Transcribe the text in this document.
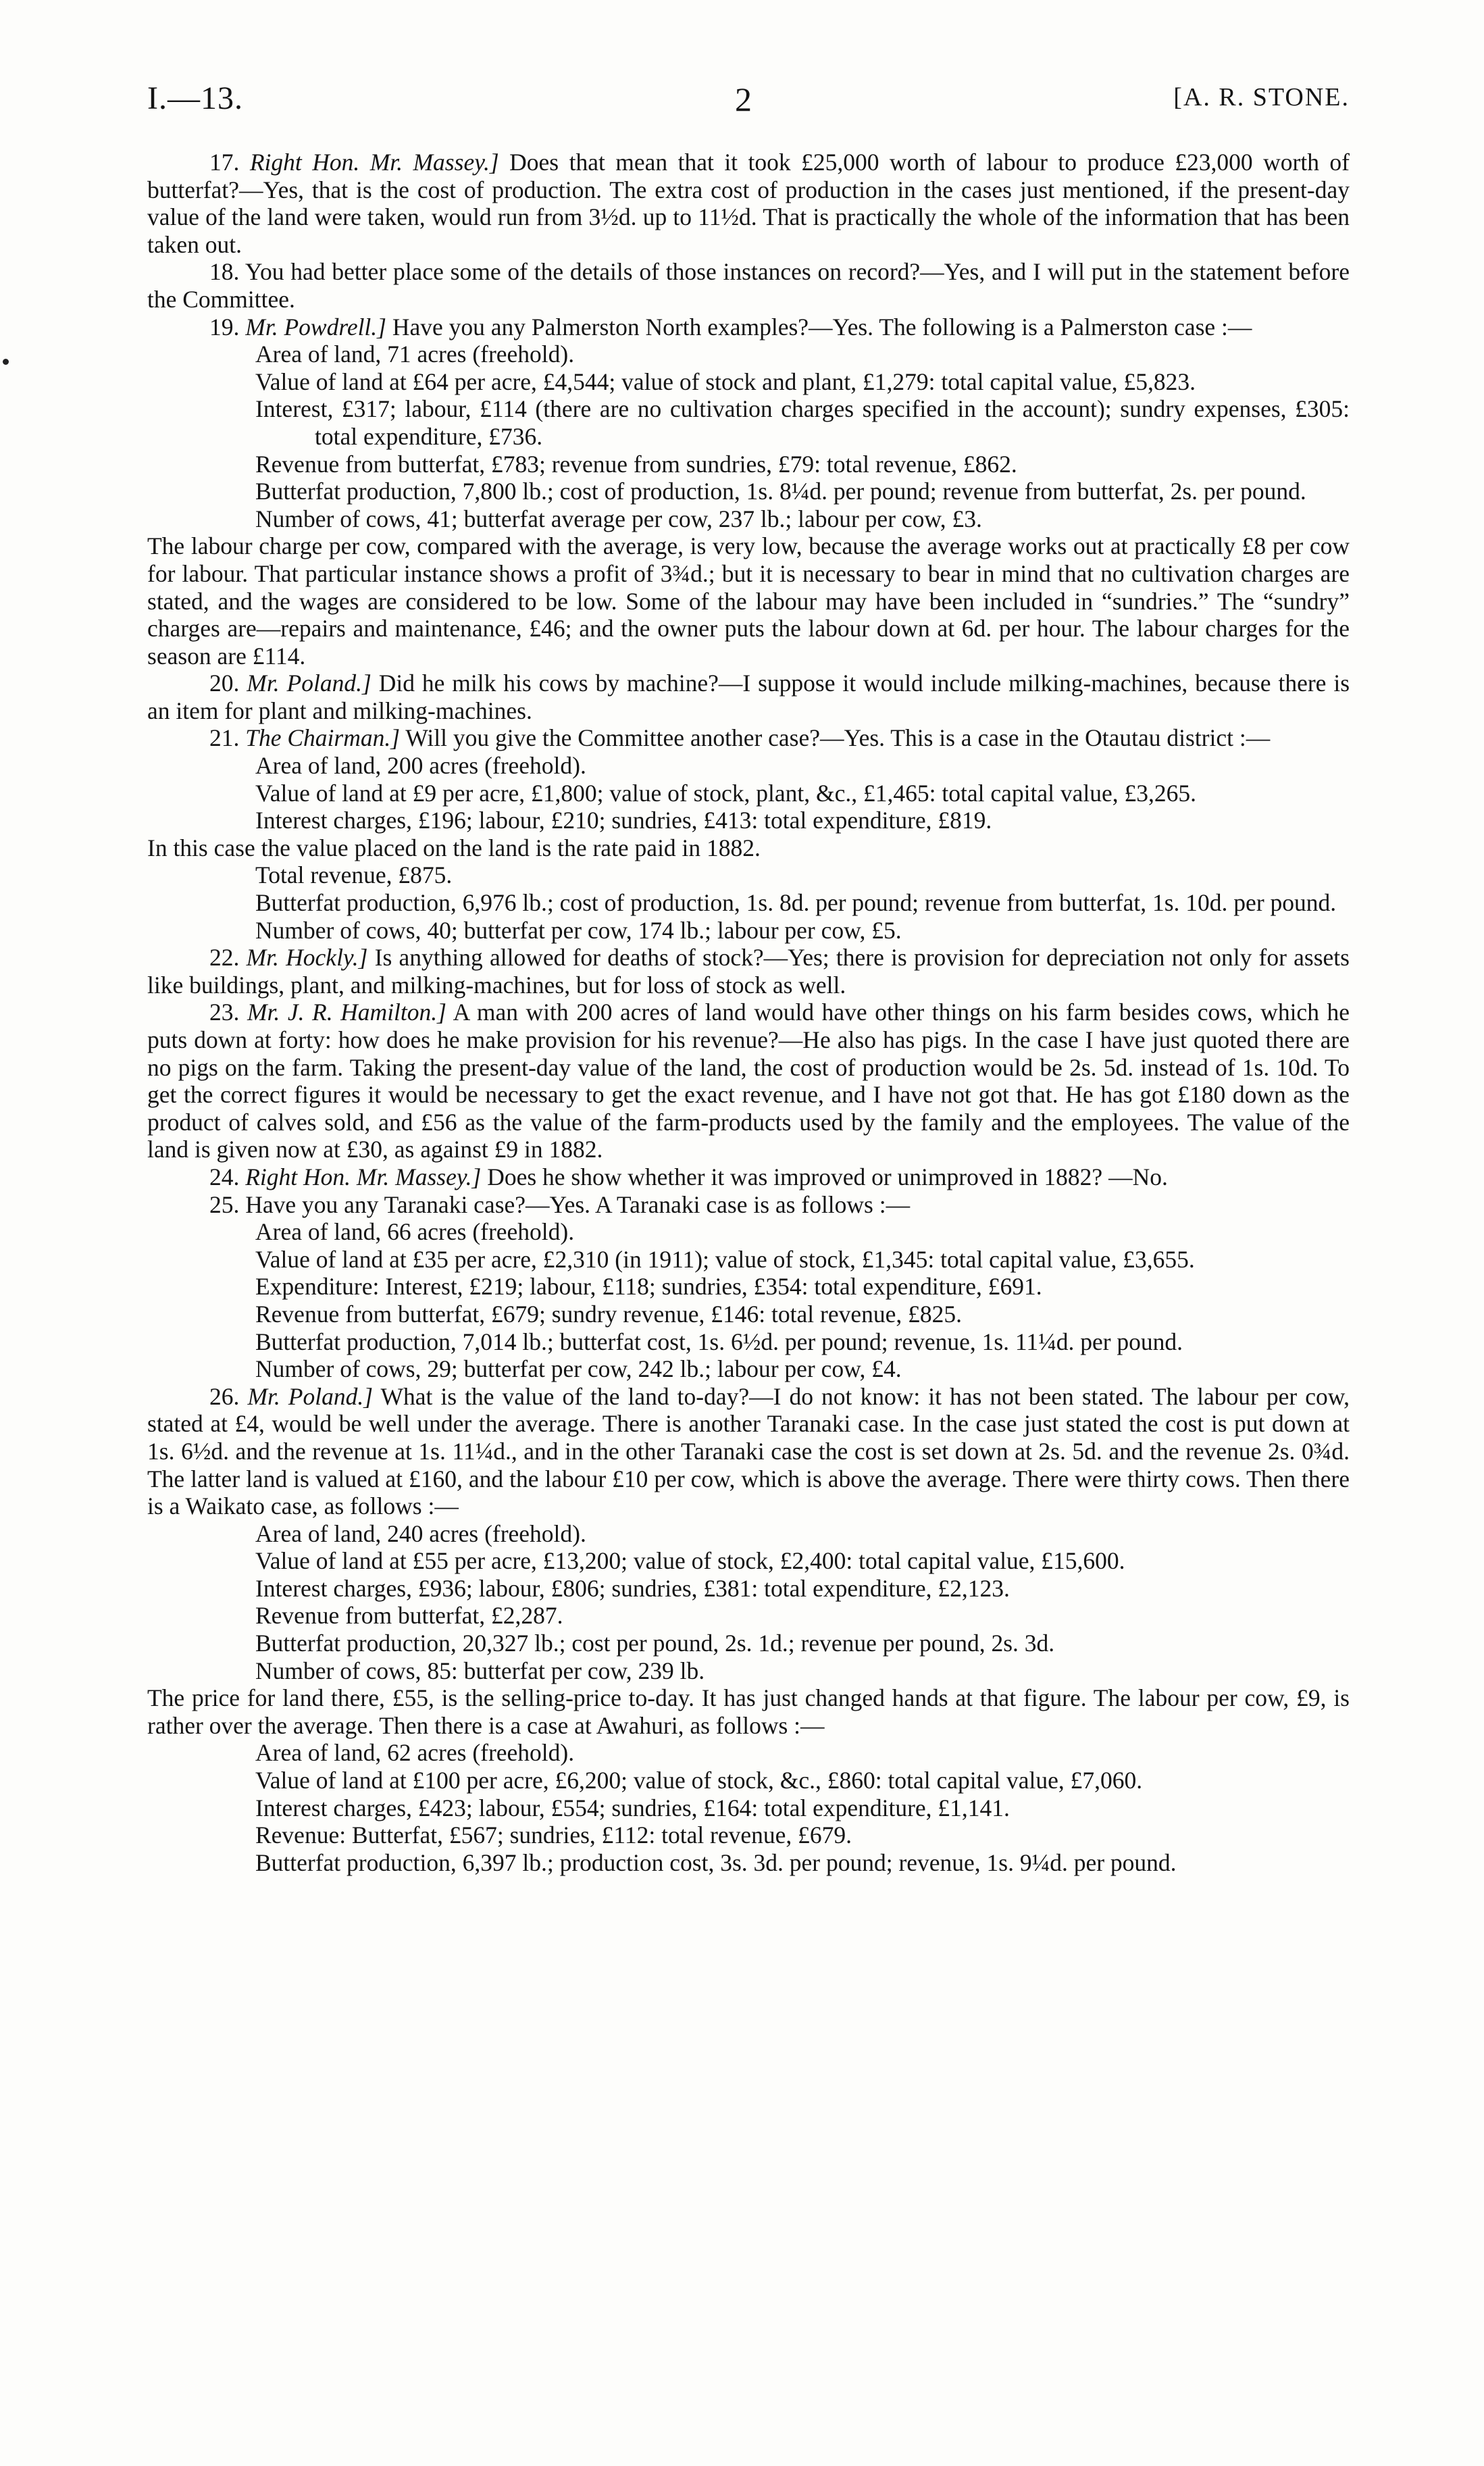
I.—13.	2	[A. R. STONE.

17. Right Hon. Mr. Massey.] Does that mean that it took £25,000 worth of labour to produce £23,000 worth of butterfat?—Yes, that is the cost of production. The extra cost of production in the cases just mentioned, if the present-day value of the land were taken, would run from 3½d. up to 11½d. That is practically the whole of the information that has been taken out.

18. You had better place some of the details of those instances on record?—Yes, and I will put in the statement before the Committee.

19. Mr. Powdrell.] Have you any Palmerston North examples?—Yes. The following is a Palmerston case :—

Area of land, 71 acres (freehold).

Value of land at £64 per acre, £4,544; value of stock and plant, £1,279: total capital value, £5,823.

Interest, £317; labour, £114 (there are no cultivation charges specified in the account); sundry expenses, £305: total expenditure, £736.

Revenue from butterfat, £783; revenue from sundries, £79: total revenue, £862.

Butterfat production, 7,800 lb.; cost of production, 1s. 8¼d. per pound; revenue from butterfat, 2s. per pound.

Number of cows, 41; butterfat average per cow, 237 lb.; labour per cow, £3.

The labour charge per cow, compared with the average, is very low, because the average works out at practically £8 per cow for labour. That particular instance shows a profit of 3¾d.; but it is necessary to bear in mind that no cultivation charges are stated, and the wages are considered to be low. Some of the labour may have been included in “sundries.” The “sundry” charges are—repairs and maintenance, £46; and the owner puts the labour down at 6d. per hour. The labour charges for the season are £114.

20. Mr. Poland.] Did he milk his cows by machine?—I suppose it would include milking-machines, because there is an item for plant and milking-machines.

21. The Chairman.] Will you give the Committee another case?—Yes. This is a case in the Otautau district :—

Area of land, 200 acres (freehold).

Value of land at £9 per acre, £1,800; value of stock, plant, &c., £1,465: total capital value, £3,265.

Interest charges, £196; labour, £210; sundries, £413: total expenditure, £819.

In this case the value placed on the land is the rate paid in 1882.

Total revenue, £875.

Butterfat production, 6,976 lb.; cost of production, 1s. 8d. per pound; revenue from butterfat, 1s. 10d. per pound.

Number of cows, 40; butterfat per cow, 174 lb.; labour per cow, £5.

22. Mr. Hockly.] Is anything allowed for deaths of stock?—Yes; there is provision for depreciation not only for assets like buildings, plant, and milking-machines, but for loss of stock as well.

23. Mr. J. R. Hamilton.] A man with 200 acres of land would have other things on his farm besides cows, which he puts down at forty: how does he make provision for his revenue?—He also has pigs. In the case I have just quoted there are no pigs on the farm. Taking the present-day value of the land, the cost of production would be 2s. 5d. instead of 1s. 10d. To get the correct figures it would be necessary to get the exact revenue, and I have not got that. He has got £180 down as the product of calves sold, and £56 as the value of the farm-products used by the family and the employees. The value of the land is given now at £30, as against £9 in 1882.

24. Right Hon. Mr. Massey.] Does he show whether it was improved or unimproved in 1882? —No.

25. Have you any Taranaki case?—Yes. A Taranaki case is as follows :—

Area of land, 66 acres (freehold).

Value of land at £35 per acre, £2,310 (in 1911); value of stock, £1,345: total capital value, £3,655.

Expenditure: Interest, £219; labour, £118; sundries, £354: total expenditure, £691.

Revenue from butterfat, £679; sundry revenue, £146: total revenue, £825.

Butterfat production, 7,014 lb.; butterfat cost, 1s. 6½d. per pound; revenue, 1s. 11¼d. per pound.

Number of cows, 29; butterfat per cow, 242 lb.; labour per cow, £4.

26. Mr. Poland.] What is the value of the land to-day?—I do not know: it has not been stated. The labour per cow, stated at £4, would be well under the average. There is another Taranaki case. In the case just stated the cost is put down at 1s. 6½d. and the revenue at 1s. 11¼d., and in the other Taranaki case the cost is set down at 2s. 5d. and the revenue 2s. 0¾d. The latter land is valued at £160, and the labour £10 per cow, which is above the average. There were thirty cows. Then there is a Waikato case, as follows :—

Area of land, 240 acres (freehold).

Value of land at £55 per acre, £13,200; value of stock, £2,400: total capital value, £15,600.

Interest charges, £936; labour, £806; sundries, £381: total expenditure, £2,123.

Revenue from butterfat, £2,287.

Butterfat production, 20,327 lb.; cost per pound, 2s. 1d.; revenue per pound, 2s. 3d.

Number of cows, 85: butterfat per cow, 239 lb.

The price for land there, £55, is the selling-price to-day. It has just changed hands at that figure. The labour per cow, £9, is rather over the average. Then there is a case at Awahuri, as follows :—

Area of land, 62 acres (freehold).

Value of land at £100 per acre, £6,200; value of stock, &c., £860: total capital value, £7,060.

Interest charges, £423; labour, £554; sundries, £164: total expenditure, £1,141.

Revenue: Butterfat, £567; sundries, £112: total revenue, £679.

Butterfat production, 6,397 lb.; production cost, 3s. 3d. per pound; revenue, 1s. 9¼d. per pound.
